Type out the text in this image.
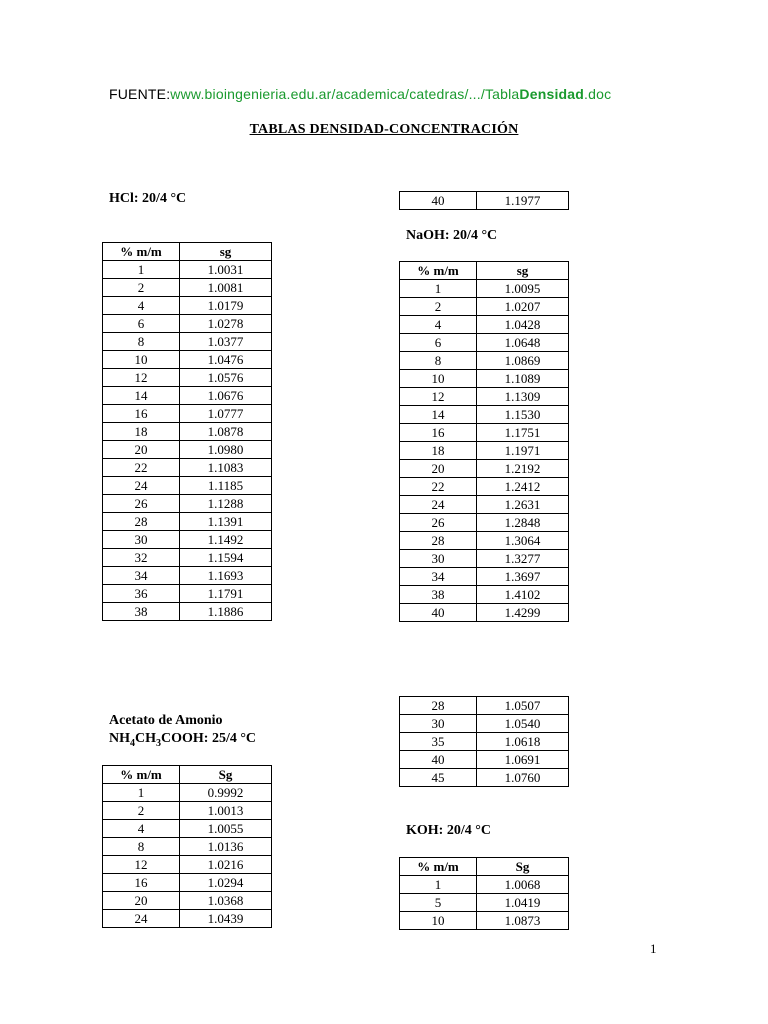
FUENTE:www.bioingenieria.edu.ar/academica/catedras/.../TablaDensidad.doc
TABLAS DENSIDAD-CONCENTRACIÓN
HCl: 20/4 °C
% m/m	sg
1	1.0031
2	1.0081
4	1.0179
6	1.0278
8	1.0377
10	1.0476
12	1.0576
14	1.0676
16	1.0777
18	1.0878
20	1.0980
22	1.1083
24	1.1185
26	1.1288
28	1.1391
30	1.1492
32	1.1594
34	1.1693
36	1.1791
38	1.1886
40	1.1977
NaOH: 20/4 °C
% m/m	sg
1	1.0095
2	1.0207
4	1.0428
6	1.0648
8	1.0869
10	1.1089
12	1.1309
14	1.1530
16	1.1751
18	1.1971
20	1.2192
22	1.2412
24	1.2631
26	1.2848
28	1.3064
30	1.3277
34	1.3697
38	1.4102
40	1.4299
Acetato de Amonio
$NH_4CH_3COOH$: 25/4 °C
% m/m	Sg
1	0.9992
2	1.0013
4	1.0055
8	1.0136
12	1.0216
16	1.0294
20	1.0368
24	1.0439
28	1.0507
30	1.0540
35	1.0618
40	1.0691
45	1.0760
KOH: 20/4 °C
% m/m	Sg
1	1.0068
5	1.0419
10	1.0873
1
